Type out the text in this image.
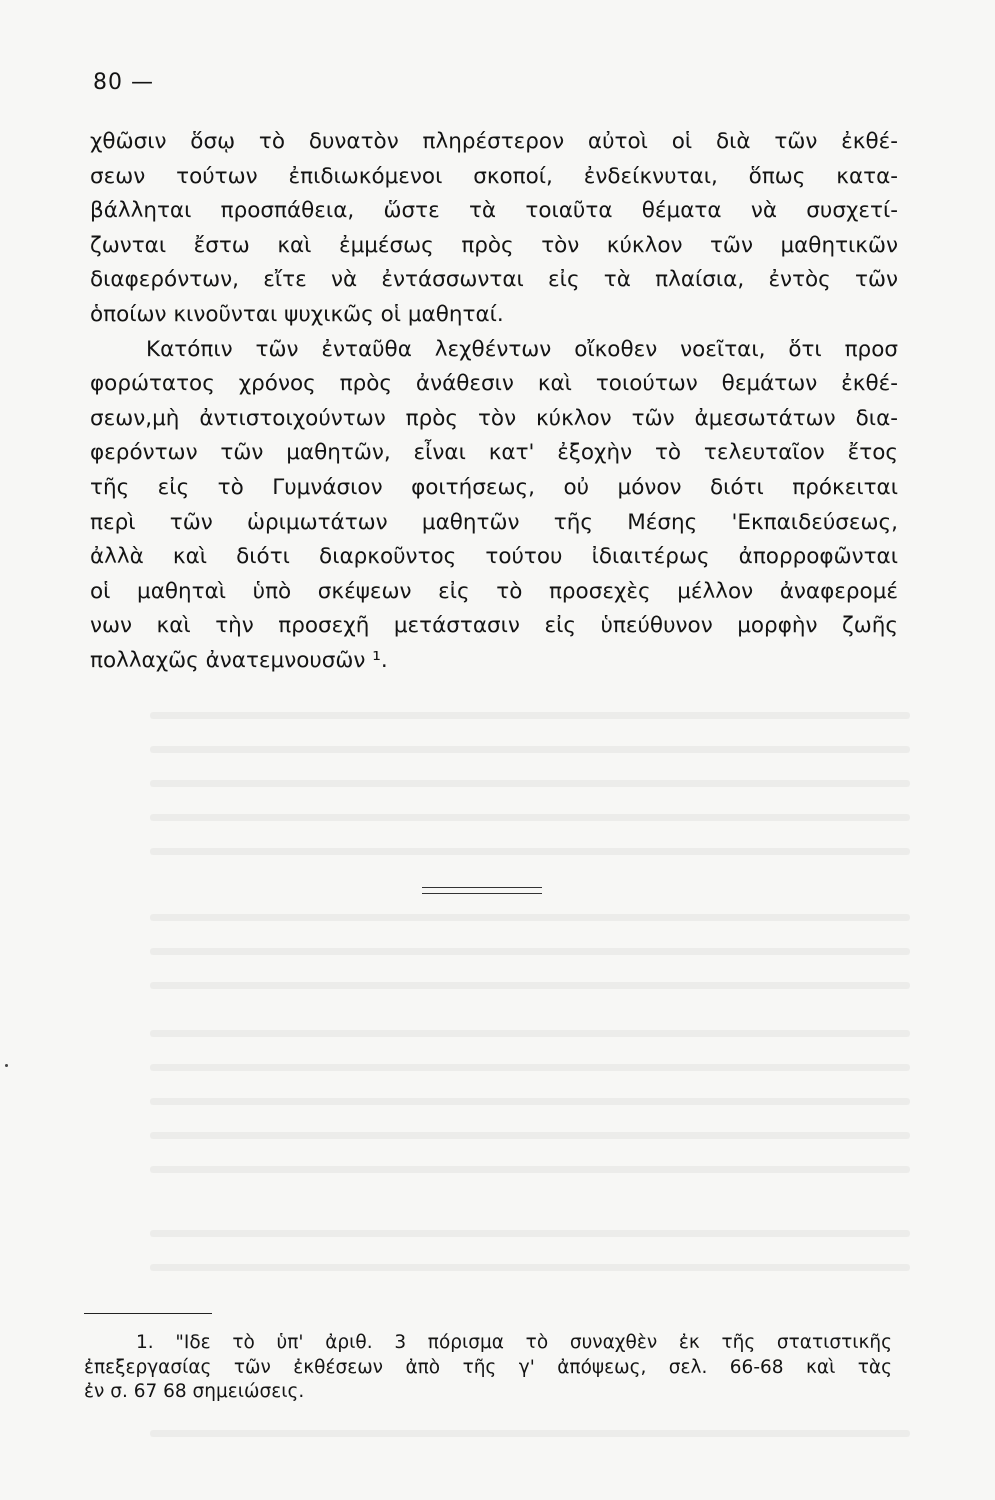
80 —
χθῶσιν ὅσῳ τὸ δυνατὸν πληρέστερον αὐτοὶ οἱ διὰ τῶν ἐκθέ-
σεων τούτων ἐπιδιωκόμενοι σκοποί, ἐνδείκνυται, ὅπως κατα-
βάλληται προσπάθεια, ὥστε τὰ τοιαῦτα θέματα νὰ συσχετί-
ζωνται ἔστω καὶ ἐμμέσως πρὸς τὸν κύκλον τῶν μαθητικῶν
διαφερόντων, εἴτε νὰ ἐντάσσωνται εἰς τὰ πλαίσια, ἐντὸς τῶν
ὁποίων κινοῦνται ψυχικῶς οἱ μαθηταί.
Κατόπιν τῶν ἐνταῦθα λεχθέντων οἴκοθεν νοεῖται, ὅτι προσ
φορώτατος χρόνος πρὸς ἀνάθεσιν καὶ τοιούτων θεμάτων ἐκθέ-
σεων,μὴ ἀντιστοιχούντων πρὸς τὸν κύκλον τῶν ἀμεσωτάτων δια-
φερόντων τῶν μαθητῶν, εἶναι κατ' ἐξοχὴν τὸ τελευταῖον ἔτος
τῆς εἰς τὸ Γυμνάσιον φοιτήσεως, οὐ μόνον διότι πρόκειται
περὶ τῶν ὡριμωτάτων μαθητῶν τῆς Μέσης 'Εκπαιδεύσεως,
ἀλλὰ καὶ διότι διαρκοῦντος τούτου ἰδιαιτέρως ἀπορροφῶνται
οἱ μαθηταὶ ὑπὸ σκέψεων εἰς τὸ προσεχὲς μέλλον ἀναφερομέ
νων καὶ τὴν προσεχῆ μετάστασιν εἰς ὑπεύθυνον μορφὴν ζωῆς
πολλαχῶς ἀνατεμνουσῶν ¹.
1. "Ιδε τὸ ὑπ' ἀριθ. 3 πόρισμα τὸ συναχθὲν ἐκ τῆς στατιστικῆς
ἐπεξεργασίας τῶν ἐκθέσεων ἀπὸ τῆς γ' ἀπόψεως, σελ. 66-68 καὶ τὰς
ἐν σ. 67 68 σημειώσεις.
